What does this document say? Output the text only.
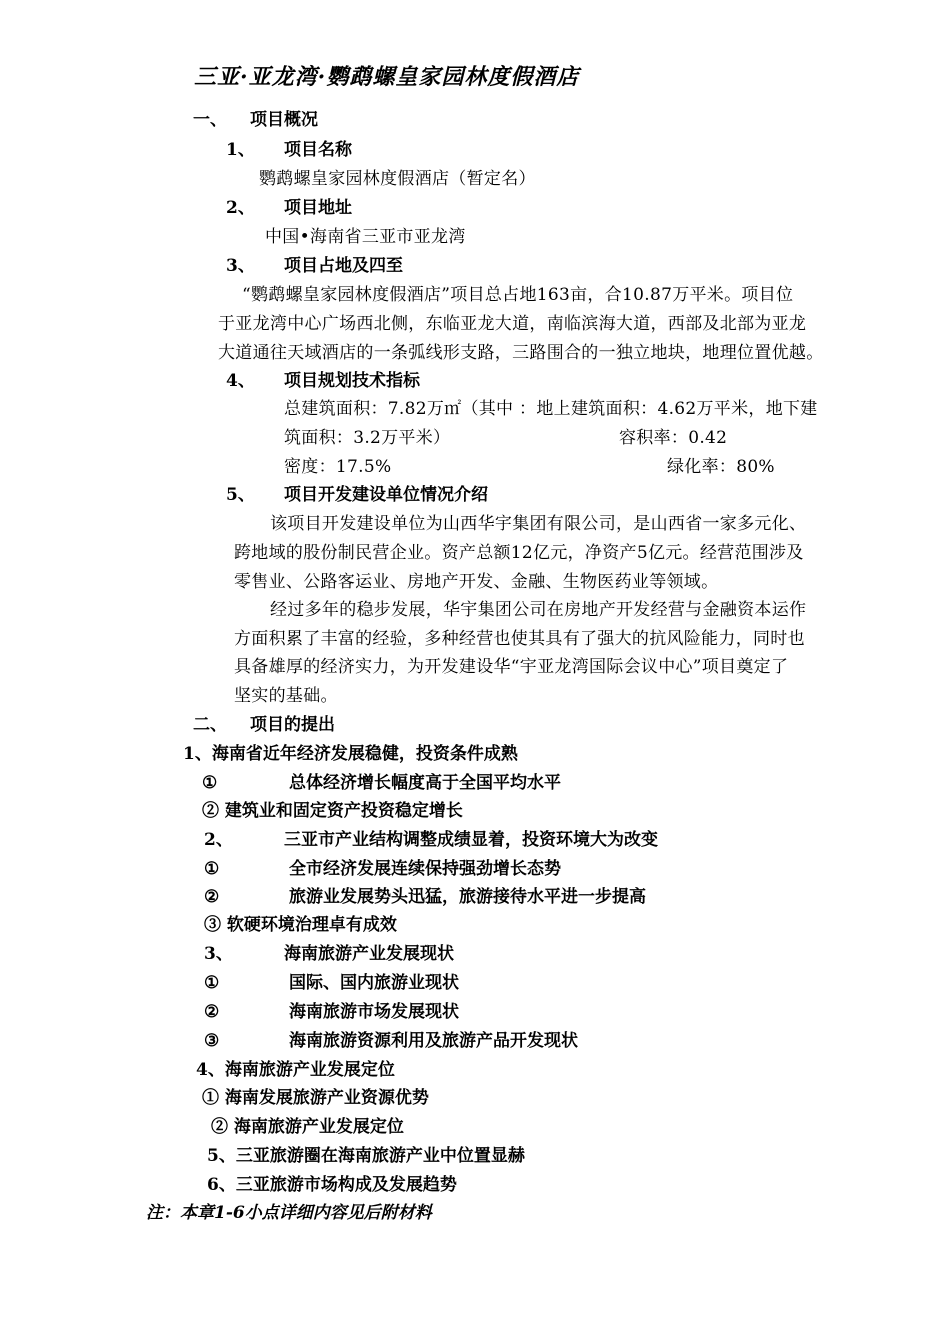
三亚·亚龙湾·鹦鹉螺皇家园林度假酒店
一、 项目概况
1、 项目名称
鹦鹉螺皇家园林度假酒店（暂定名）
2、 项目地址
中国•海南省三亚市亚龙湾
3、 项目占地及四至
“鹦鹉螺皇家园林度假酒店”项目总占地163亩，合10.87万平米。项目位
于亚龙湾中心广场西北侧，东临亚龙大道，南临滨海大道，西部及北部为亚龙
大道通往天域酒店的一条弧线形支路，三路围合的一独立地块，地理位置优越。
4、 项目规划技术指标
总建筑面积：7.82万㎡（其中 ：地上建筑面积：4.62万平米，地下建
筑面积：3.2万平米）	容积率：0.42
密度：17.5%	绿化率：80%
5、 项目开发建设单位情况介绍
该项目开发建设单位为山西华宇集团有限公司，是山西省一家多元化、
跨地域的股份制民营企业。资产总额12亿元，净资产5亿元。经营范围涉及
零售业、公路客运业、房地产开发、金融、生物医药业等领域。
经过多年的稳步发展，华宇集团公司在房地产开发经营与金融资本运作
方面积累了丰富的经验，多种经营也使其具有了强大的抗风险能力，同时也
具备雄厚的经济实力，为开发建设华“宇亚龙湾国际会议中心”项目奠定了
坚实的基础。
二、 项目的提出
1、海南省近年经济发展稳健，投资条件成熟
①	总体经济增长幅度高于全国平均水平
② 建筑业和固定资产投资稳定增长
2、	三亚市产业结构调整成绩显着，投资环境大为改变
①	全市经济发展连续保持强劲增长态势
②	旅游业发展势头迅猛，旅游接待水平进一步提高
③ 软硬环境治理卓有成效
3、	海南旅游产业发展现状
①	国际、国内旅游业现状
②	海南旅游市场发展现状
③	海南旅游资源利用及旅游产品开发现状
4、海南旅游产业发展定位
① 海南发展旅游产业资源优势
② 海南旅游产业发展定位
5、三亚旅游圈在海南旅游产业中位置显赫
6、三亚旅游市场构成及发展趋势
注：本章1-6小点详细内容见后附材料
